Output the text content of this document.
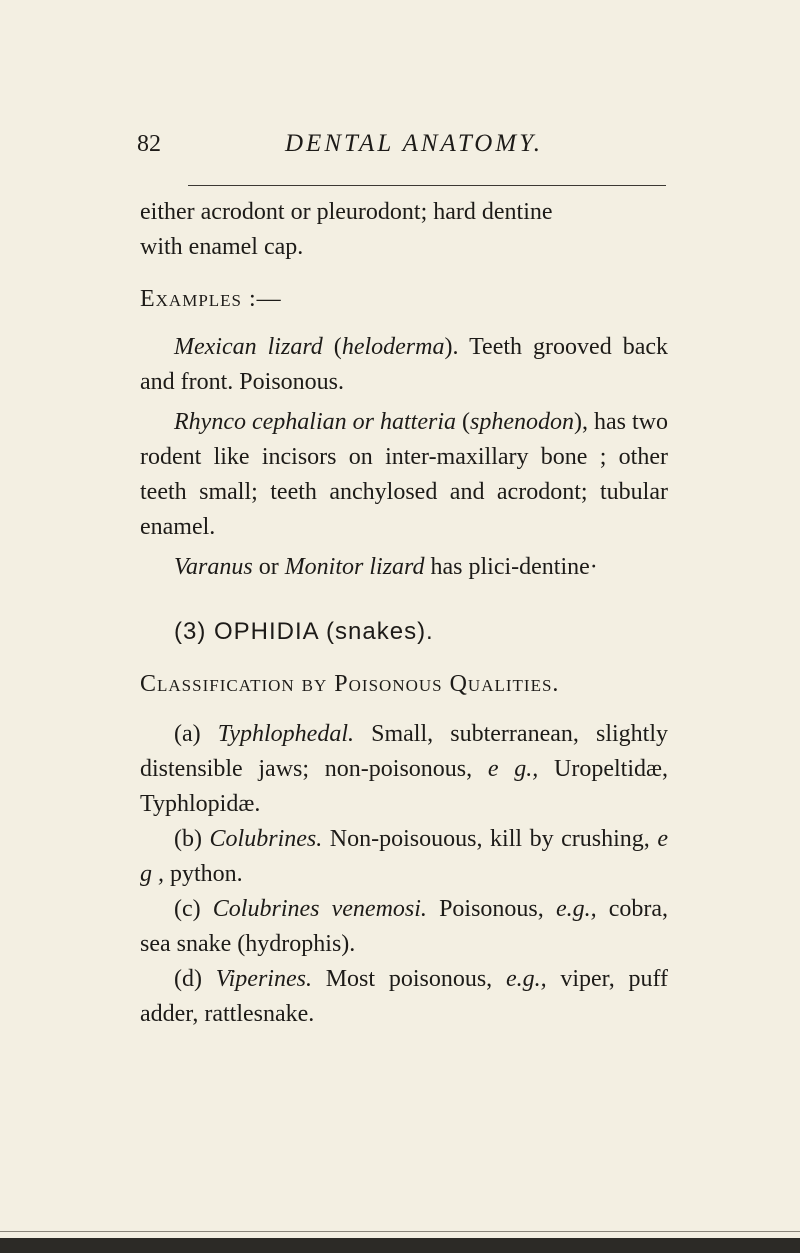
82	DENTAL ANATOMY.

either acrodont or pleurodont; hard dentine

with enamel cap.

Examples :—

Mexican lizard (heloderma). Teeth grooved back and front. Poisonous.

Rhynco cephalian or hatteria (sphenodon), has two rodent like incisors on inter-maxillary bone ; other teeth small; teeth anchylosed and acrodont; tubular enamel.

Varanus or Monitor lizard has plici-dentine·

(3) OPHIDIA (snakes).

Classification by Poisonous Qualities.

(a) Typhlophedal. Small, subterranean, slightly distensible jaws; non-poisonous, e g., Uropeltidæ, Typhlopidæ.

(b) Colubrines. Non-poisouous, kill by crushing, e g , python.

(c) Colubrines venemosi. Poisonous, e.g., cobra, sea snake (hydrophis).

(d) Viperines. Most poisonous, e.g., viper, puff adder, rattlesnake.
